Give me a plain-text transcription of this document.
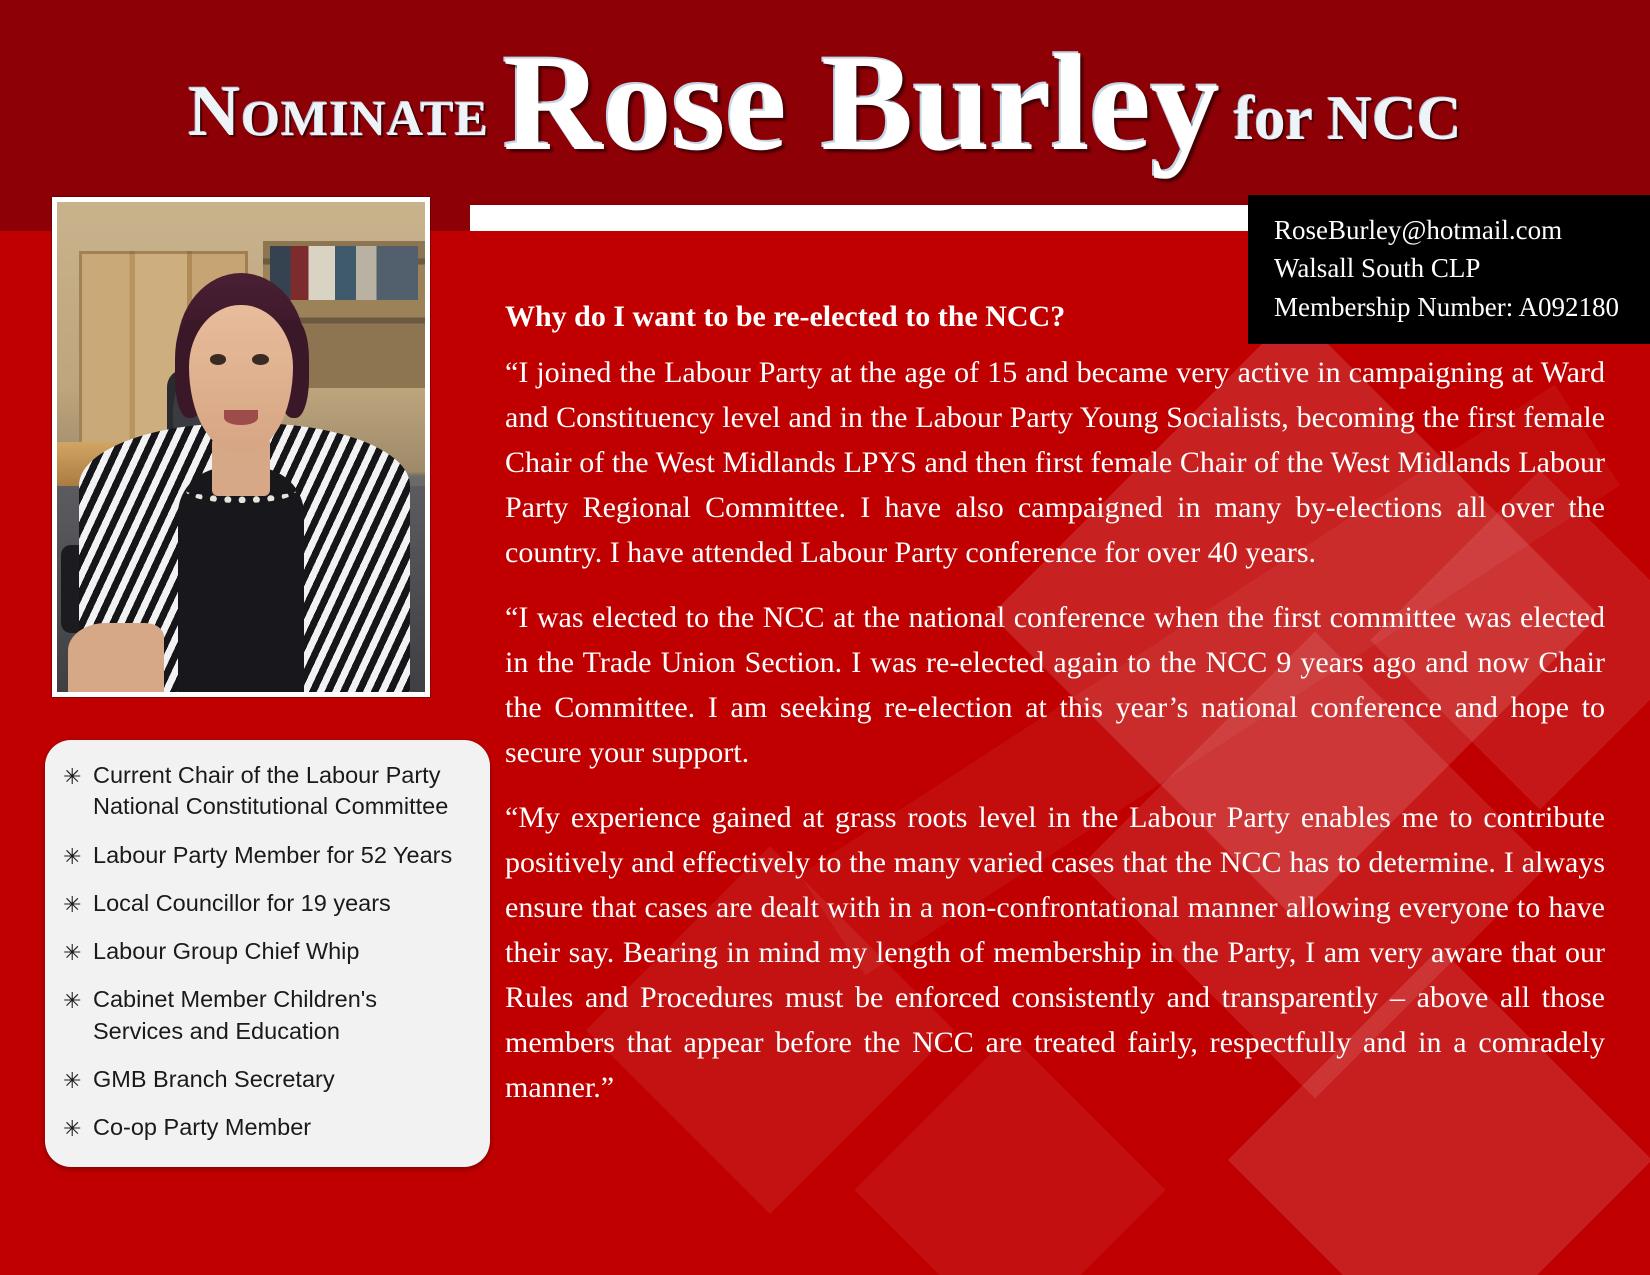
Nominate Rose Burley for NCC
✳ Current Chair of the Labour Party National Constitutional Committee
✳ Labour Party Member for 52 Years
✳ Local Councillor for 19 years
✳ Labour Group Chief Whip
✳ Cabinet Member Children's Services and Education
✳ GMB Branch Secretary
✳ Co-op Party Member
RoseBurley@hotmail.com
Walsall South CLP
Membership Number: A092180
Why do I want to be re-elected to the NCC?

“I joined the Labour Party at the age of 15 and became very active in campaigning at Ward and Constituency level and in the Labour Party Young Socialists, becoming the first female Chair of the West Midlands LPYS and then first female Chair of the West Midlands Labour Party Regional Committee. I have also campaigned in many by-elections all over the country. I have attended Labour Party conference for over 40 years.

“I was elected to the NCC at the national conference when the first committee was elected in the Trade Union Section. I was re-elected again to the NCC 9 years ago and now Chair the Committee. I am seeking re-election at this year’s national conference and hope to secure your support.

“My experience gained at grass roots level in the Labour Party enables me to contribute positively and effectively to the many varied cases that the NCC has to determine. I always ensure that cases are dealt with in a non-confrontational manner allowing everyone to have their say. Bearing in mind my length of membership in the Party, I am very aware that our Rules and Procedures must be enforced consistently and transparently – above all those members that appear before the NCC are treated fairly, respectfully and in a comradely manner.”
